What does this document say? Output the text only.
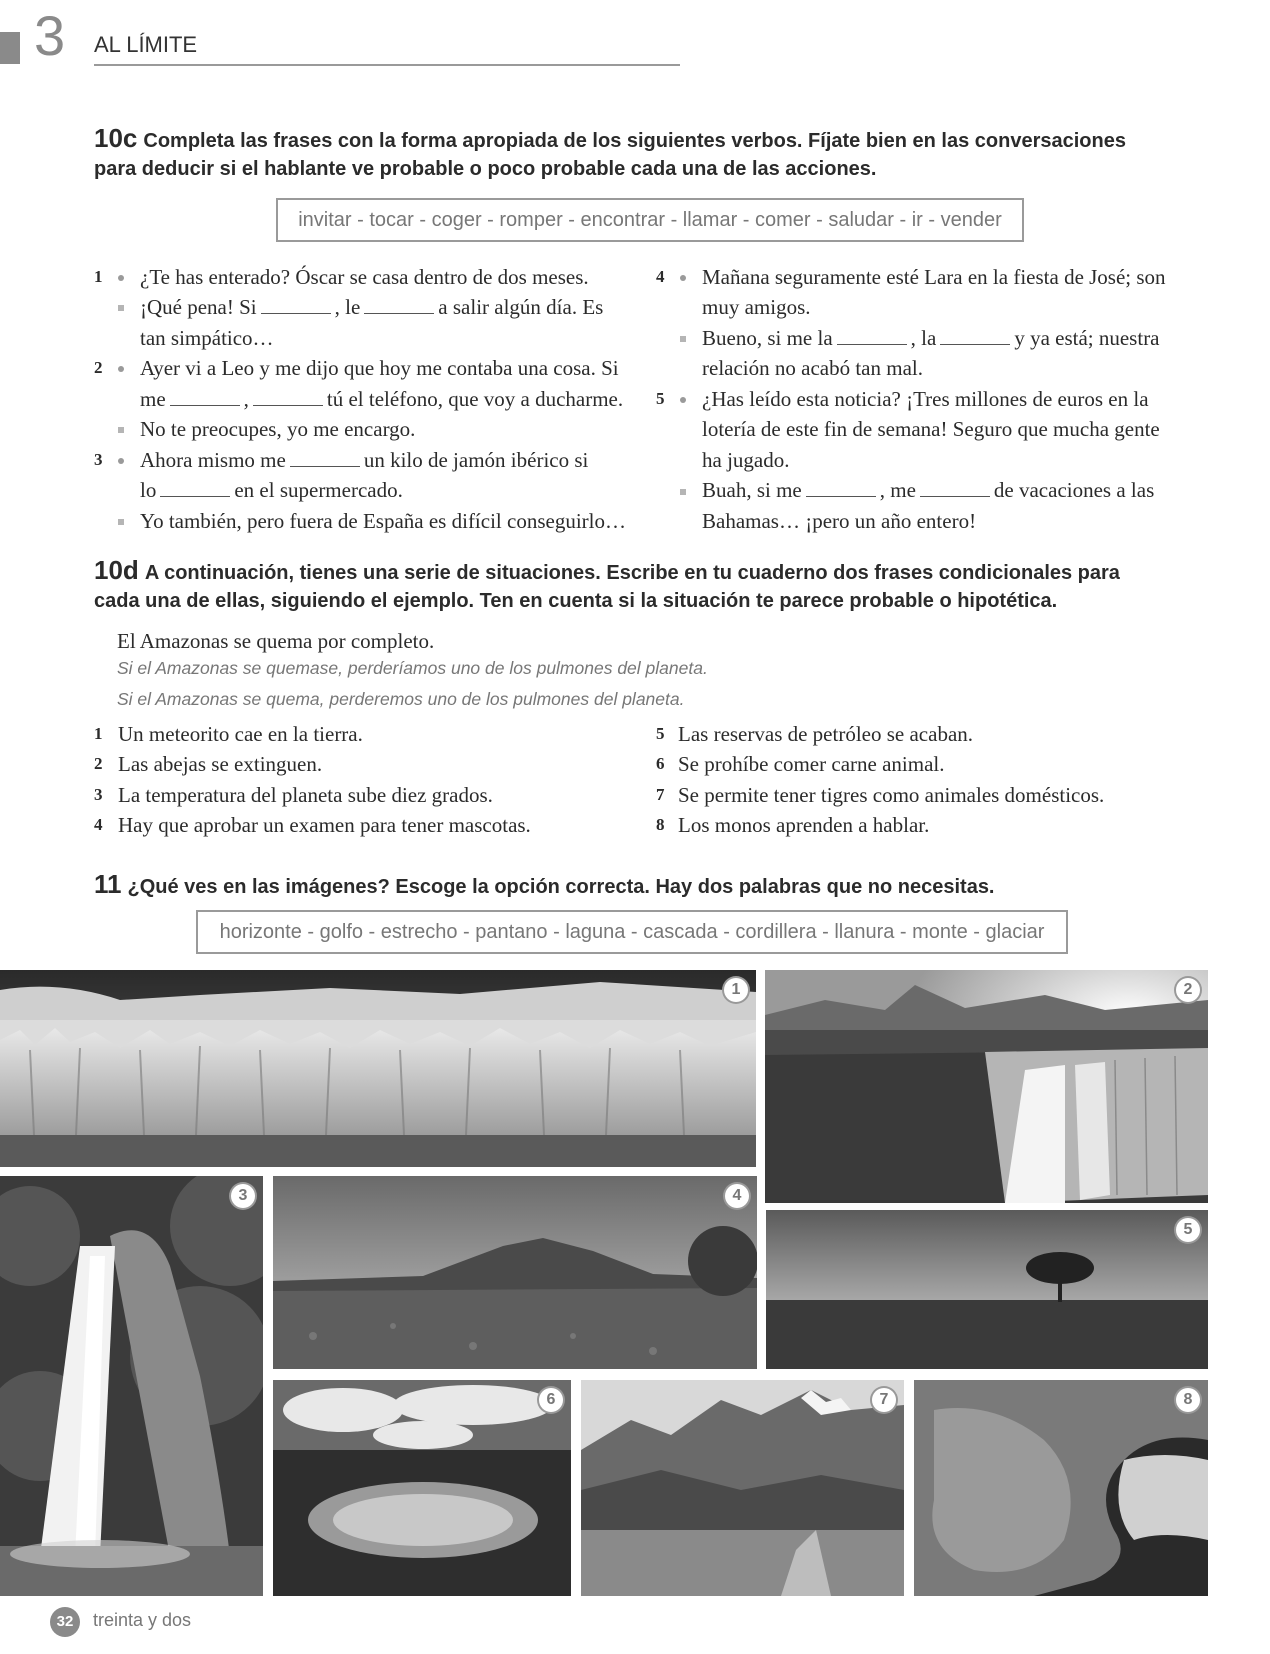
3 AL LÍMITE
10c Completa las frases con la forma apropiada de los siguientes verbos. Fíjate bien en las conversaciones
para deducir si el hablante ve probable o poco probable cada una de las acciones.
invitar - tocar - coger - romper - encontrar - llamar - comer - saludar - ir - vender
1 ¿Te has enterado? Óscar se casa dentro de dos meses.
¡Qué pena! Si	, le	a salir algún día. Es
tan simpático…
2 Ayer vi a Leo y me dijo que hoy me contaba una cosa. Si
me	,	tú el teléfono, que voy a ducharme.
No te preocupes, yo me encargo.
3 Ahora mismo me	un kilo de jamón ibérico si
lo	en el supermercado.
Yo también, pero fuera de España es difícil conseguirlo…
4 Mañana seguramente esté Lara en la fiesta de José; son
muy amigos.
Bueno, si me la	, la	y ya está; nuestra
relación no acabó tan mal.
5 ¿Has leído esta noticia? ¡Tres millones de euros en la
lotería de este fin de semana! Seguro que mucha gente
ha jugado.
Buah, si me	, me	de vacaciones a las
Bahamas… ¡pero un año entero!
10d A continuación, tienes una serie de situaciones. Escribe en tu cuaderno dos frases condicionales para
cada una de ellas, siguiendo el ejemplo. Ten en cuenta si la situación te parece probable o hipotética.
El Amazonas se quema por completo.
Si el Amazonas se quemase, perderíamos uno de los pulmones del planeta.
Si el Amazonas se quema, perderemos uno de los pulmones del planeta.
1 Un meteorito cae en la tierra.
2 Las abejas se extinguen.
3 La temperatura del planeta sube diez grados.
4 Hay que aprobar un examen para tener mascotas.
5 Las reservas de petróleo se acaban.
6 Se prohíbe comer carne animal.
7 Se permite tener tigres como animales domésticos.
8 Los monos aprenden a hablar.
11 ¿Qué ves en las imágenes? Escoge la opción correcta. Hay dos palabras que no necesitas.
horizonte - golfo - estrecho - pantano - laguna - cascada - cordillera - llanura - monte - glaciar
1	2
3	4
5
6	7	8
32	treinta y dos
